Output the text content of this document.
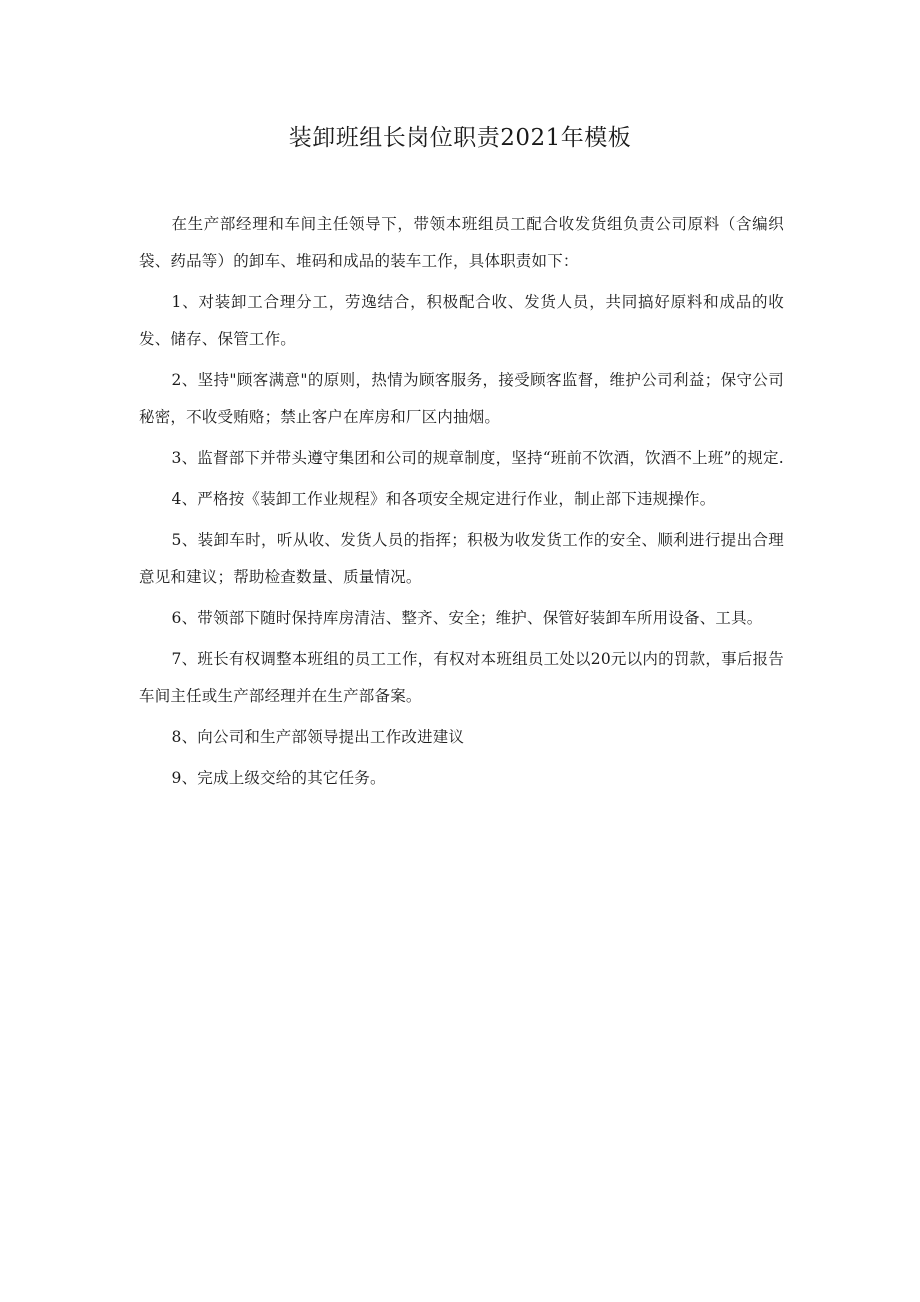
装卸班组长岗位职责2021年模板

在生产部经理和车间主任领导下，带领本班组员工配合收发货组负责公司原料（含编织袋、药品等）的卸车、堆码和成品的装车工作，具体职责如下：

1、对装卸工合理分工，劳逸结合，积极配合收、发货人员，共同搞好原料和成品的收发、储存、保管工作。

2、坚持"顾客满意"的原则，热情为顾客服务，接受顾客监督，维护公司利益；保守公司秘密，不收受贿赂；禁止客户在库房和厂区内抽烟。

3、监督部下并带头遵守集团和公司的规章制度，坚持“班前不饮酒，饮酒不上班”的规定.

4、严格按《装卸工作业规程》和各项安全规定进行作业，制止部下违规操作。

5、装卸车时，听从收、发货人员的指挥；积极为收发货工作的安全、顺利进行提出合理意见和建议；帮助检查数量、质量情况。

6、带领部下随时保持库房清洁、整齐、安全；维护、保管好装卸车所用设备、工具。

7、班长有权调整本班组的员工工作，有权对本班组员工处以20元以内的罚款，事后报告车间主任或生产部经理并在生产部备案。

8、向公司和生产部领导提出工作改进建议

9、完成上级交给的其它任务。
